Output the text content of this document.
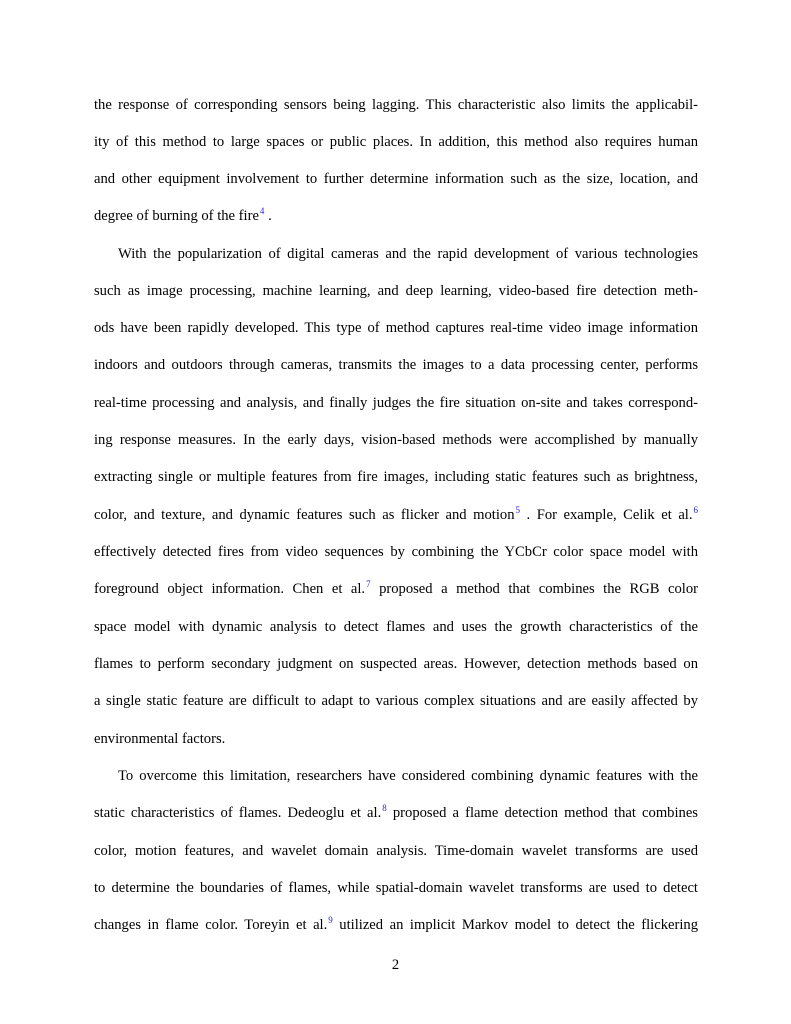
the response of corresponding sensors being lagging. This characteristic also limits the applicabil-
ity of this method to large spaces or public places. In addition, this method also requires human
and other equipment involvement to further determine information such as the size, location, and
degree of burning of the fire$^4$ .
With the popularization of digital cameras and the rapid development of various technologies
such as image processing, machine learning, and deep learning, video-based fire detection meth-
ods have been rapidly developed. This type of method captures real-time video image information
indoors and outdoors through cameras, transmits the images to a data processing center, performs
real-time processing and analysis, and finally judges the fire situation on-site and takes correspond-
ing response measures. In the early days, vision-based methods were accomplished by manually
extracting single or multiple features from fire images, including static features such as brightness,
color, and texture, and dynamic features such as flicker and motion$^5$ . For example, Celik et al.$^6$
effectively detected fires from video sequences by combining the YCbCr color space model with
foreground object information. Chen et al.$^7$ proposed a method that combines the RGB color
space model with dynamic analysis to detect flames and uses the growth characteristics of the
flames to perform secondary judgment on suspected areas. However, detection methods based on
a single static feature are difficult to adapt to various complex situations and are easily affected by
environmental factors.
To overcome this limitation, researchers have considered combining dynamic features with the
static characteristics of flames. Dedeoglu et al.$^8$ proposed a flame detection method that combines
color, motion features, and wavelet domain analysis. Time-domain wavelet transforms are used
to determine the boundaries of flames, while spatial-domain wavelet transforms are used to detect
changes in flame color. Toreyin et al.$^9$ utilized an implicit Markov model to detect the flickering
2
